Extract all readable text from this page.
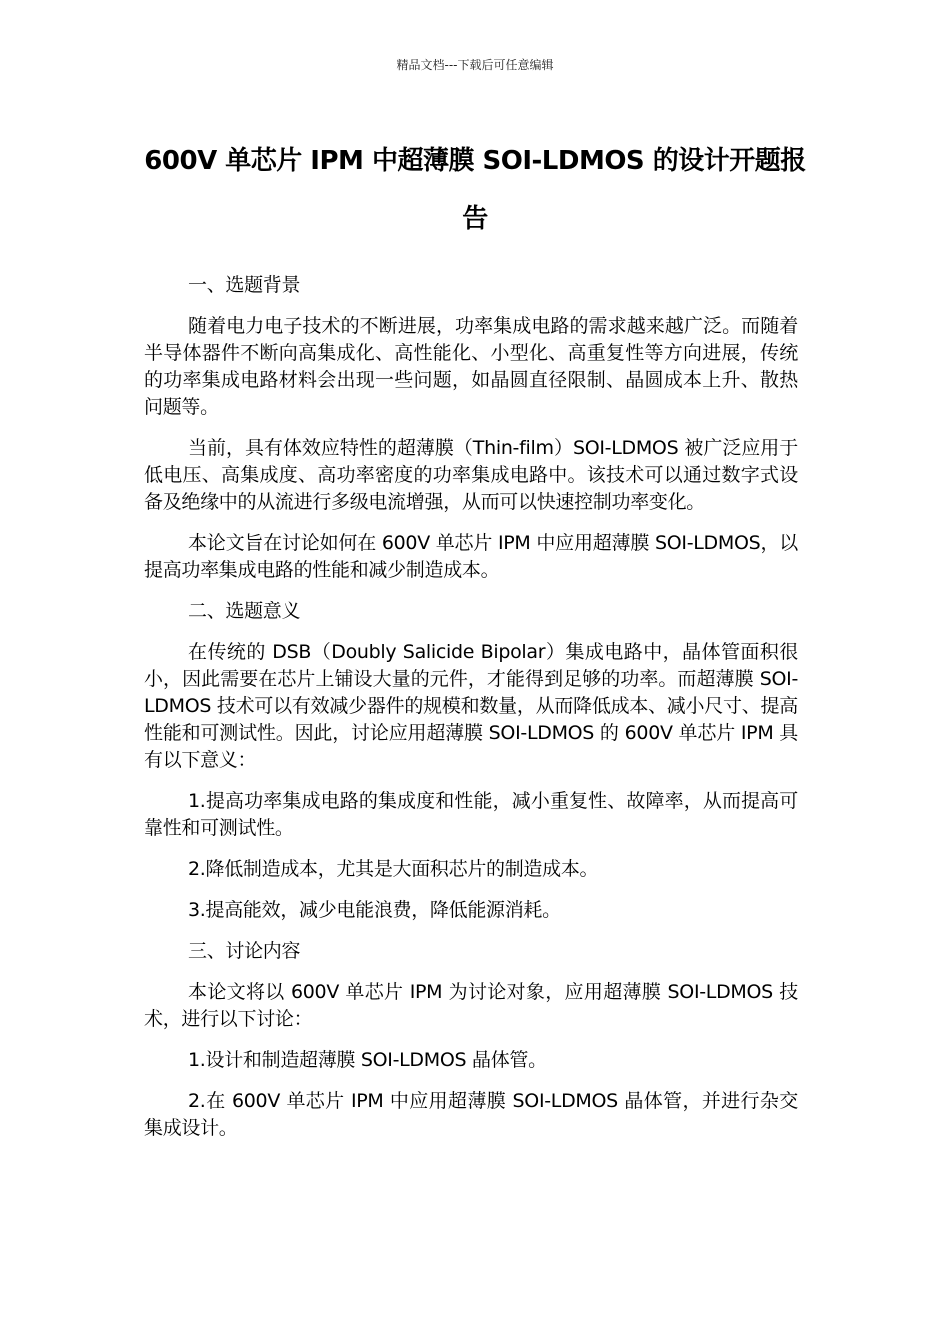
精品文档---下载后可任意编辑
600V 单芯片 IPM 中超薄膜 SOI-LDMOS 的设计开题报告

一、选题背景

随着电力电子技术的不断进展，功率集成电路的需求越来越广泛。而随着半导体器件不断向高集成化、高性能化、小型化、高重复性等方向进展，传统的功率集成电路材料会出现一些问题，如晶圆直径限制、晶圆成本上升、散热问题等。

当前，具有体效应特性的超薄膜（Thin-film）SOI-LDMOS 被广泛应用于低电压、高集成度、高功率密度的功率集成电路中。该技术可以通过数字式设备及绝缘中的从流进行多级电流增强，从而可以快速控制功率变化。

本论文旨在讨论如何在 600V 单芯片 IPM 中应用超薄膜 SOI-LDMOS，以提高功率集成电路的性能和减少制造成本。

二、选题意义

在传统的 DSB（Doubly Salicide Bipolar）集成电路中，晶体管面积很小，因此需要在芯片上铺设大量的元件，才能得到足够的功率。而超薄膜 SOI-LDMOS 技术可以有效减少器件的规模和数量，从而降低成本、减小尺寸、提高性能和可测试性。因此，讨论应用超薄膜 SOI-LDMOS 的 600V 单芯片 IPM 具有以下意义：

1.提高功率集成电路的集成度和性能，减小重复性、故障率，从而提高可靠性和可测试性。

2.降低制造成本，尤其是大面积芯片的制造成本。

3.提高能效，减少电能浪费，降低能源消耗。

三、讨论内容

本论文将以 600V 单芯片 IPM 为讨论对象，应用超薄膜 SOI-LDMOS 技术，进行以下讨论：

1.设计和制造超薄膜 SOI-LDMOS 晶体管。

2.在 600V 单芯片 IPM 中应用超薄膜 SOI-LDMOS 晶体管，并进行杂交集成设计。
